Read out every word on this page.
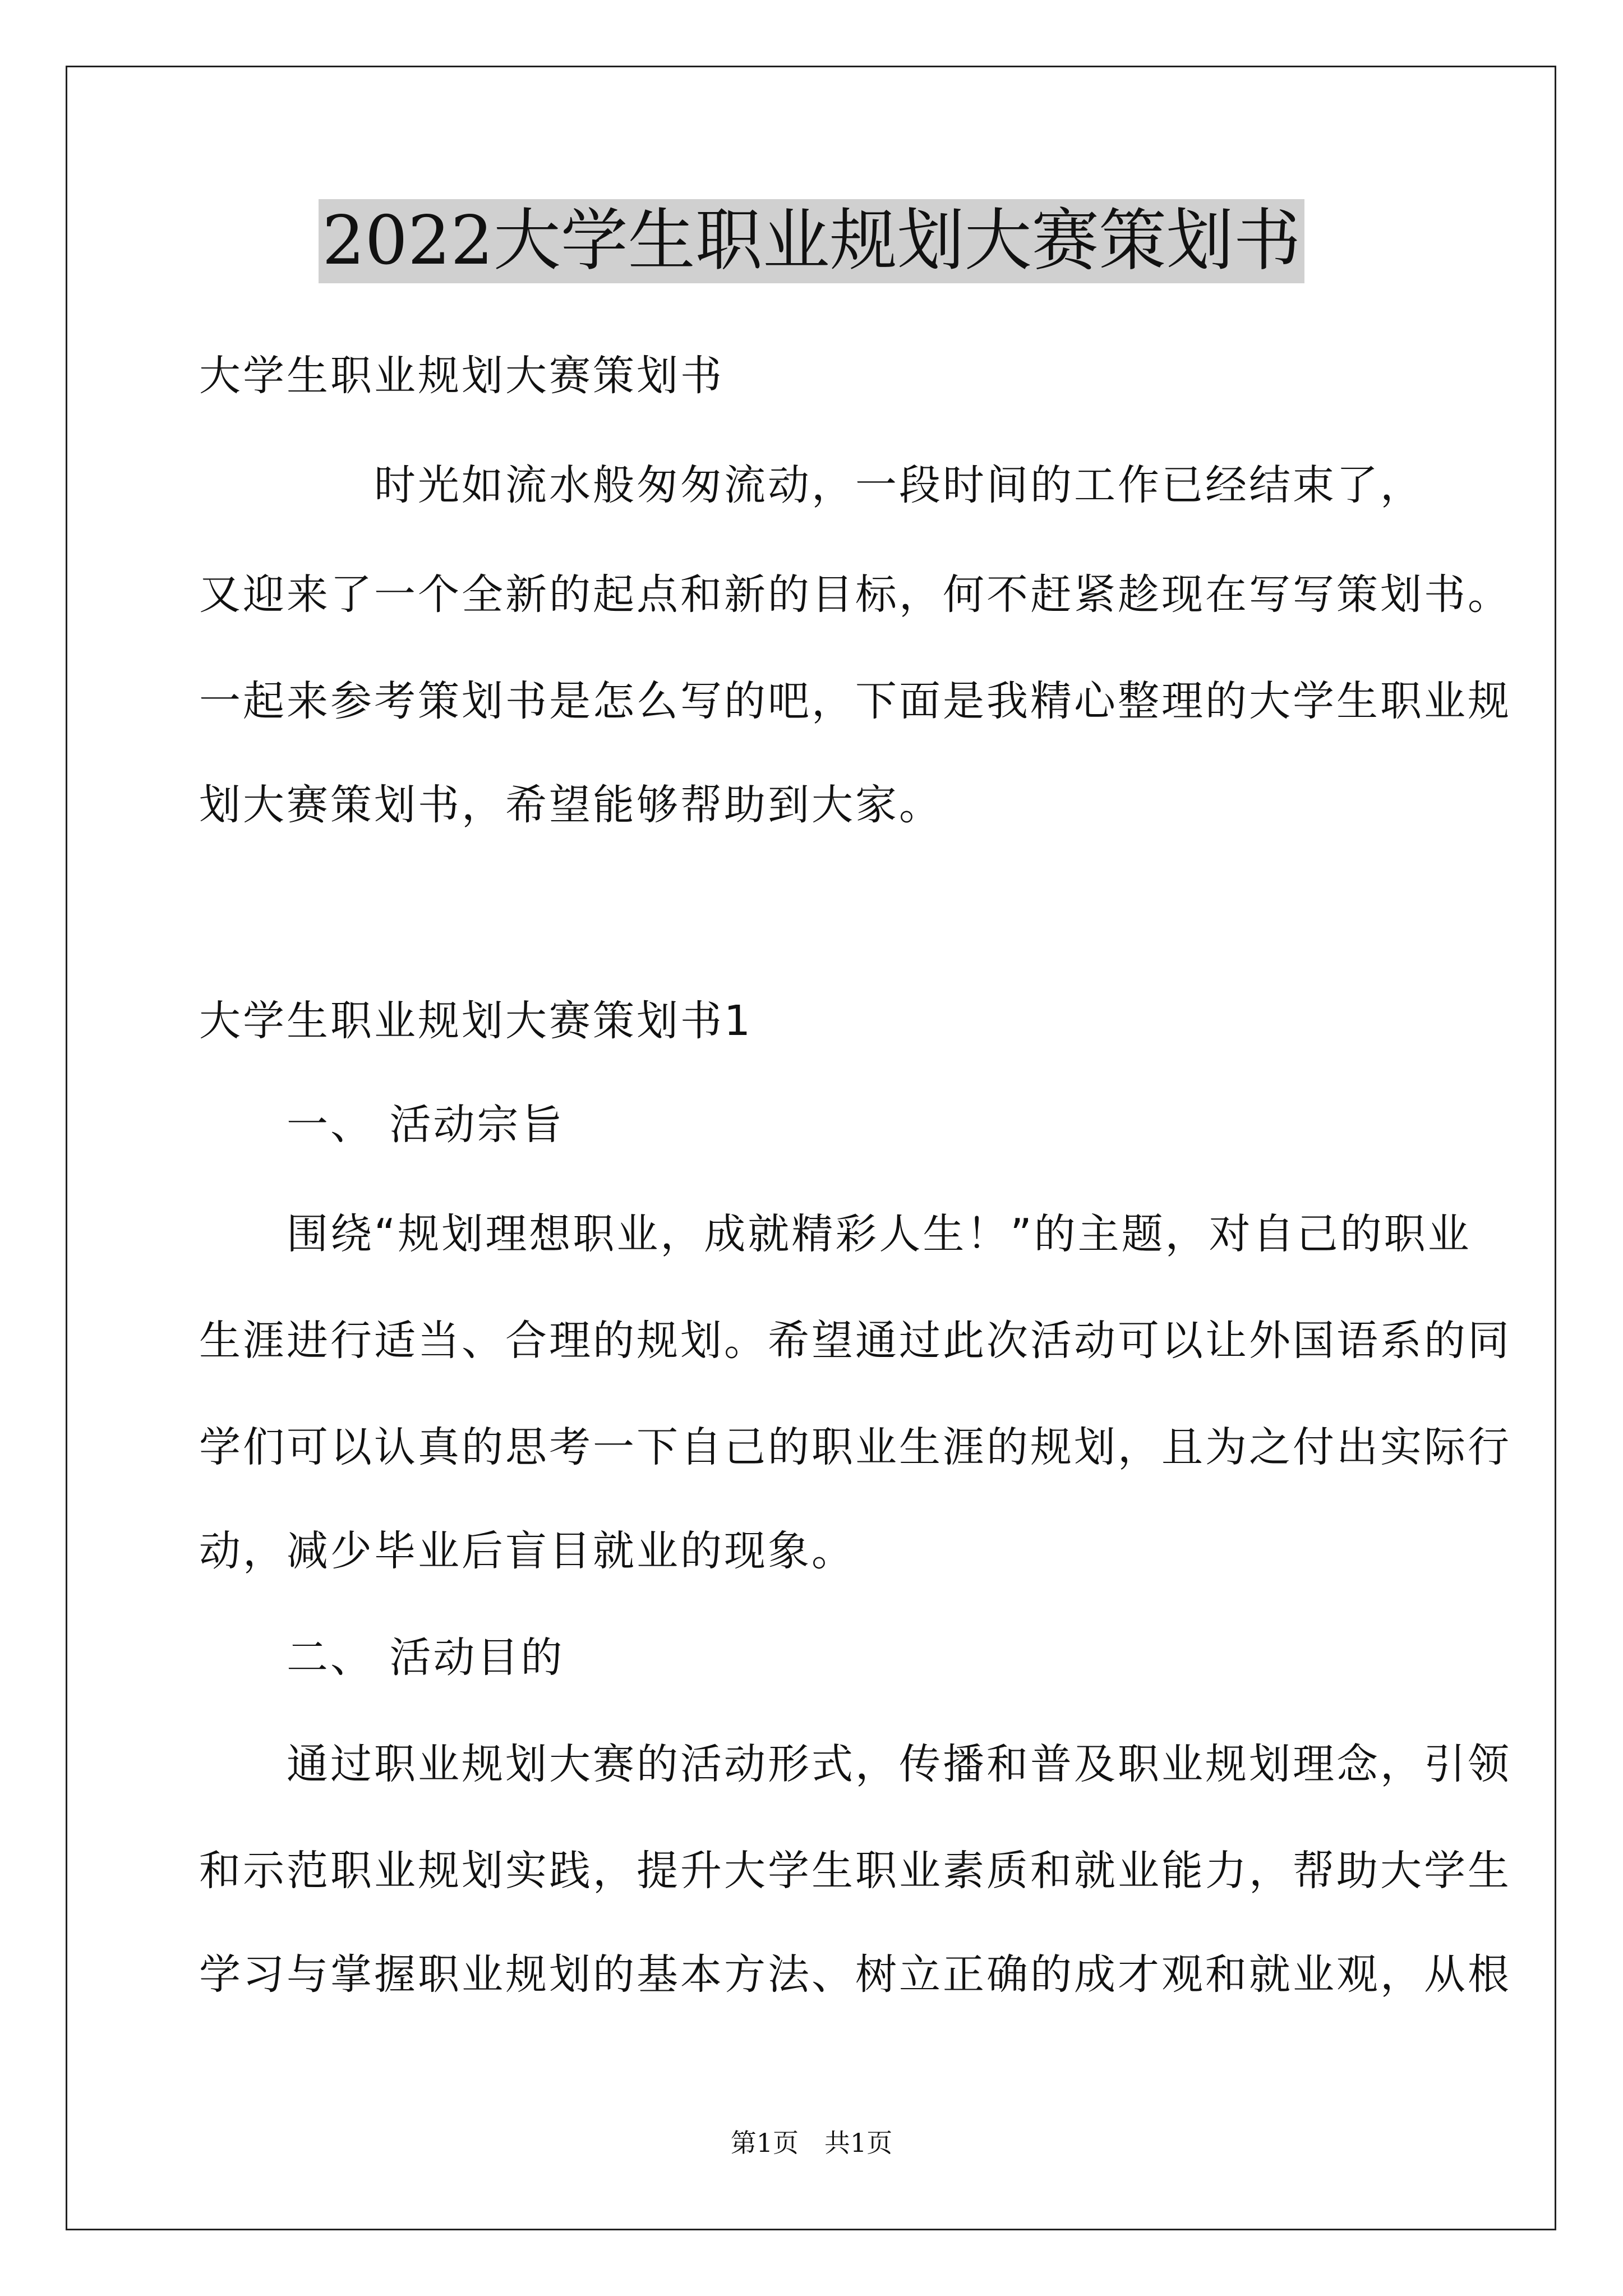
2022大学生职业规划大赛策划书
大学生职业规划大赛策划书
　　　　时光如流水般匆匆流动，一段时间的工作已经结束了，
又迎来了一个全新的起点和新的目标，何不赶紧趁现在写写策划书。
一起来参考策划书是怎么写的吧，下面是我精心整理的大学生职业规
划大赛策划书，希望能够帮助到大家。
大学生职业规划大赛策划书1
　　一、 活动宗旨
　　围绕“规划理想职业，成就精彩人生！”的主题，对自己的职业
生涯进行适当、合理的规划。希望通过此次活动可以让外国语系的同
学们可以认真的思考一下自己的职业生涯的规划，且为之付出实际行
动，减少毕业后盲目就业的现象。
　　二、 活动目的
　　通过职业规划大赛的活动形式，传播和普及职业规划理念，引领
和示范职业规划实践，提升大学生职业素质和就业能力，帮助大学生
学习与掌握职业规划的基本方法、树立正确的成才观和就业观，从根
第1页　共1页
